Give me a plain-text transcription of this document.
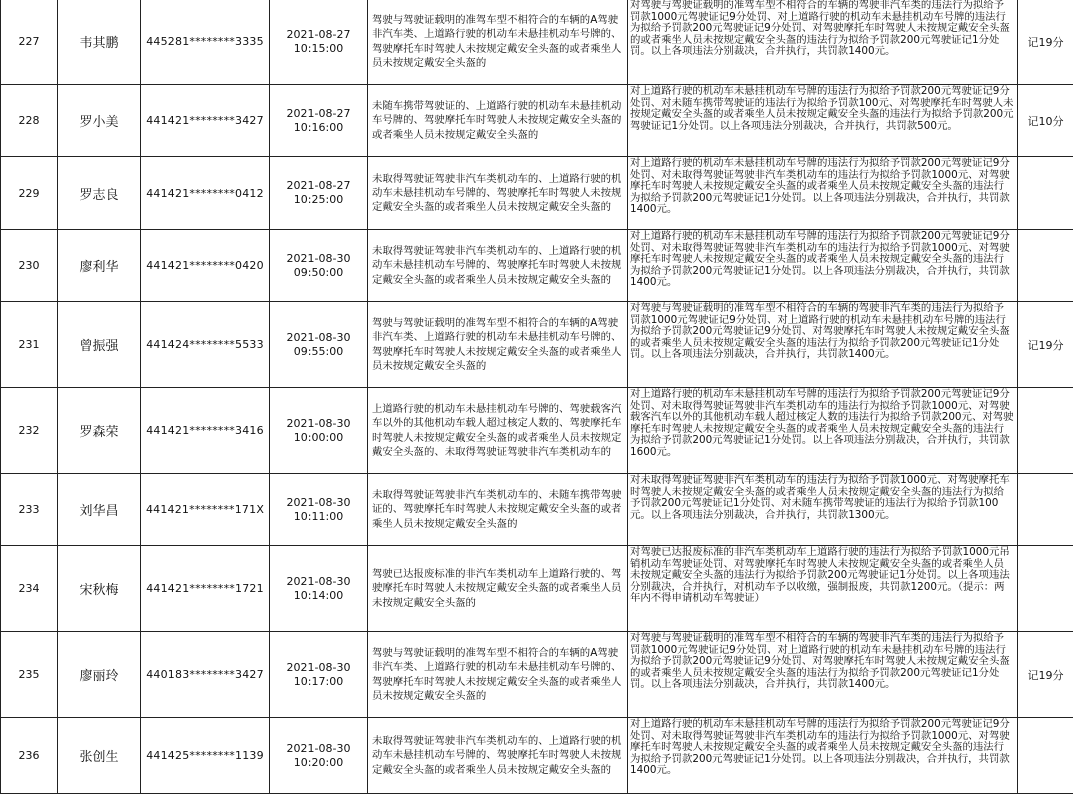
227	韦其鹏	445281********3335	2021-08-27
10:15:00	驾驶与驾驶证载明的准驾车型不相符合的车辆的A驾驶非汽车类、上道路行驶的机动车未悬挂机动车号牌的、驾驶摩托车时驾驶人未按规定戴安全头盔的或者乘坐人员未按规定戴安全头盔的	对驾驶与驾驶证载明的准驾车型不相符合的车辆的驾驶非汽车类的违法行为拟给予罚款1000元驾驶证记9分处罚、对上道路行驶的机动车未悬挂机动车号牌的违法行为拟给予罚款200元驾驶证记9分处罚、对驾驶摩托车时驾驶人未按规定戴安全头盔的或者乘坐人员未按规定戴安全头盔的违法行为拟给予罚款200元驾驶证记1分处罚。以上各项违法分别裁决，合并执行，共罚款1400元。	记19分
228	罗小美	441421********3427	2021-08-27
10:16:00	未随车携带驾驶证的、上道路行驶的机动车未悬挂机动车号牌的、驾驶摩托车时驾驶人未按规定戴安全头盔的或者乘坐人员未按规定戴安全头盔的	对上道路行驶的机动车未悬挂机动车号牌的违法行为拟给予罚款200元驾驶证记9分处罚、对未随车携带驾驶证的违法行为拟给予罚款100元、对驾驶摩托车时驾驶人未按规定戴安全头盔的或者乘坐人员未按规定戴安全头盔的违法行为拟给予罚款200元驾驶证记1分处罚。以上各项违法分别裁决，合并执行，共罚款500元。	记10分
229	罗志良	441421********0412	2021-08-27
10:25:00	未取得驾驶证驾驶非汽车类机动车的、上道路行驶的机动车未悬挂机动车号牌的、驾驶摩托车时驾驶人未按规定戴安全头盔的或者乘坐人员未按规定戴安全头盔的	对上道路行驶的机动车未悬挂机动车号牌的违法行为拟给予罚款200元驾驶证记9分处罚、对未取得驾驶证驾驶非汽车类机动车的违法行为拟给予罚款1000元、对驾驶摩托车时驾驶人未按规定戴安全头盔的或者乘坐人员未按规定戴安全头盔的违法行为拟给予罚款200元驾驶证记1分处罚。以上各项违法分别裁决，合并执行，共罚款1400元。	
230	廖利华	441421********0420	2021-08-30
09:50:00	未取得驾驶证驾驶非汽车类机动车的、上道路行驶的机动车未悬挂机动车号牌的、驾驶摩托车时驾驶人未按规定戴安全头盔的或者乘坐人员未按规定戴安全头盔的	对上道路行驶的机动车未悬挂机动车号牌的违法行为拟给予罚款200元驾驶证记9分处罚、对未取得驾驶证驾驶非汽车类机动车的违法行为拟给予罚款1000元、对驾驶摩托车时驾驶人未按规定戴安全头盔的或者乘坐人员未按规定戴安全头盔的违法行为拟给予罚款200元驾驶证记1分处罚。以上各项违法分别裁决，合并执行，共罚款1400元。	
231	曾振强	441424********5533	2021-08-30
09:55:00	驾驶与驾驶证载明的准驾车型不相符合的车辆的A驾驶非汽车类、上道路行驶的机动车未悬挂机动车号牌的、驾驶摩托车时驾驶人未按规定戴安全头盔的或者乘坐人员未按规定戴安全头盔的	对驾驶与驾驶证载明的准驾车型不相符合的车辆的驾驶非汽车类的违法行为拟给予罚款1000元驾驶证记9分处罚、对上道路行驶的机动车未悬挂机动车号牌的违法行为拟给予罚款200元驾驶证记9分处罚、对驾驶摩托车时驾驶人未按规定戴安全头盔的或者乘坐人员未按规定戴安全头盔的违法行为拟给予罚款200元驾驶证记1分处罚。以上各项违法分别裁决，合并执行，共罚款1400元。	记19分
232	罗森荣	441421********3416	2021-08-30
10:00:00	上道路行驶的机动车未悬挂机动车号牌的、驾驶载客汽车以外的其他机动车载人超过核定人数的、驾驶摩托车时驾驶人未按规定戴安全头盔的或者乘坐人员未按规定戴安全头盔的、未取得驾驶证驾驶非汽车类机动车的	对上道路行驶的机动车未悬挂机动车号牌的违法行为拟给予罚款200元驾驶证记9分处罚、对未取得驾驶证驾驶非汽车类机动车的违法行为拟给予罚款1000元、对驾驶载客汽车以外的其他机动车载人超过核定人数的违法行为拟给予罚款200元、对驾驶摩托车时驾驶人未按规定戴安全头盔的或者乘坐人员未按规定戴安全头盔的违法行为拟给予罚款200元驾驶证记1分处罚。以上各项违法分别裁决，合并执行，共罚款1600元。	
233	刘华昌	441421********171X	2021-08-30
10:11:00	未取得驾驶证驾驶非汽车类机动车的、未随车携带驾驶证的、驾驶摩托车时驾驶人未按规定戴安全头盔的或者乘坐人员未按规定戴安全头盔的	对未取得驾驶证驾驶非汽车类机动车的违法行为拟给予罚款1000元、对驾驶摩托车时驾驶人未按规定戴安全头盔的或者乘坐人员未按规定戴安全头盔的违法行为拟给予罚款200元驾驶证记1分处罚、对未随车携带驾驶证的违法行为拟给予罚款100元。以上各项违法分别裁决，合并执行，共罚款1300元。	
234	宋秋梅	441421********1721	2021-08-30
10:14:00	驾驶已达报废标准的非汽车类机动车上道路行驶的、驾驶摩托车时驾驶人未按规定戴安全头盔的或者乘坐人员未按规定戴安全头盔的	对驾驶已达报废标准的非汽车类机动车上道路行驶的违法行为拟给予罚款1000元吊销机动车驾驶证处罚、对驾驶摩托车时驾驶人未按规定戴安全头盔的或者乘坐人员未按规定戴安全头盔的违法行为拟给予罚款200元驾驶证记1分处罚。以上各项违法分别裁决，合并执行，对机动车予以收缴，强制报废，共罚款1200元。（提示：两年内不得申请机动车驾驶证）	
235	廖丽玲	440183********3427	2021-08-30
10:17:00	驾驶与驾驶证载明的准驾车型不相符合的车辆的A驾驶非汽车类、上道路行驶的机动车未悬挂机动车号牌的、驾驶摩托车时驾驶人未按规定戴安全头盔的或者乘坐人员未按规定戴安全头盔的	对驾驶与驾驶证载明的准驾车型不相符合的车辆的驾驶非汽车类的违法行为拟给予罚款1000元驾驶证记9分处罚、对上道路行驶的机动车未悬挂机动车号牌的违法行为拟给予罚款200元驾驶证记9分处罚、对驾驶摩托车时驾驶人未按规定戴安全头盔的或者乘坐人员未按规定戴安全头盔的违法行为拟给予罚款200元驾驶证记1分处罚。以上各项违法分别裁决，合并执行，共罚款1400元。	记19分
236	张创生	441425********1139	2021-08-30
10:20:00	未取得驾驶证驾驶非汽车类机动车的、上道路行驶的机动车未悬挂机动车号牌的、驾驶摩托车时驾驶人未按规定戴安全头盔的或者乘坐人员未按规定戴安全头盔的	对上道路行驶的机动车未悬挂机动车号牌的违法行为拟给予罚款200元驾驶证记9分处罚、对未取得驾驶证驾驶非汽车类机动车的违法行为拟给予罚款1000元、对驾驶摩托车时驾驶人未按规定戴安全头盔的或者乘坐人员未按规定戴安全头盔的违法行为拟给予罚款200元驾驶证记1分处罚。以上各项违法分别裁决，合并执行，共罚款1400元。	
